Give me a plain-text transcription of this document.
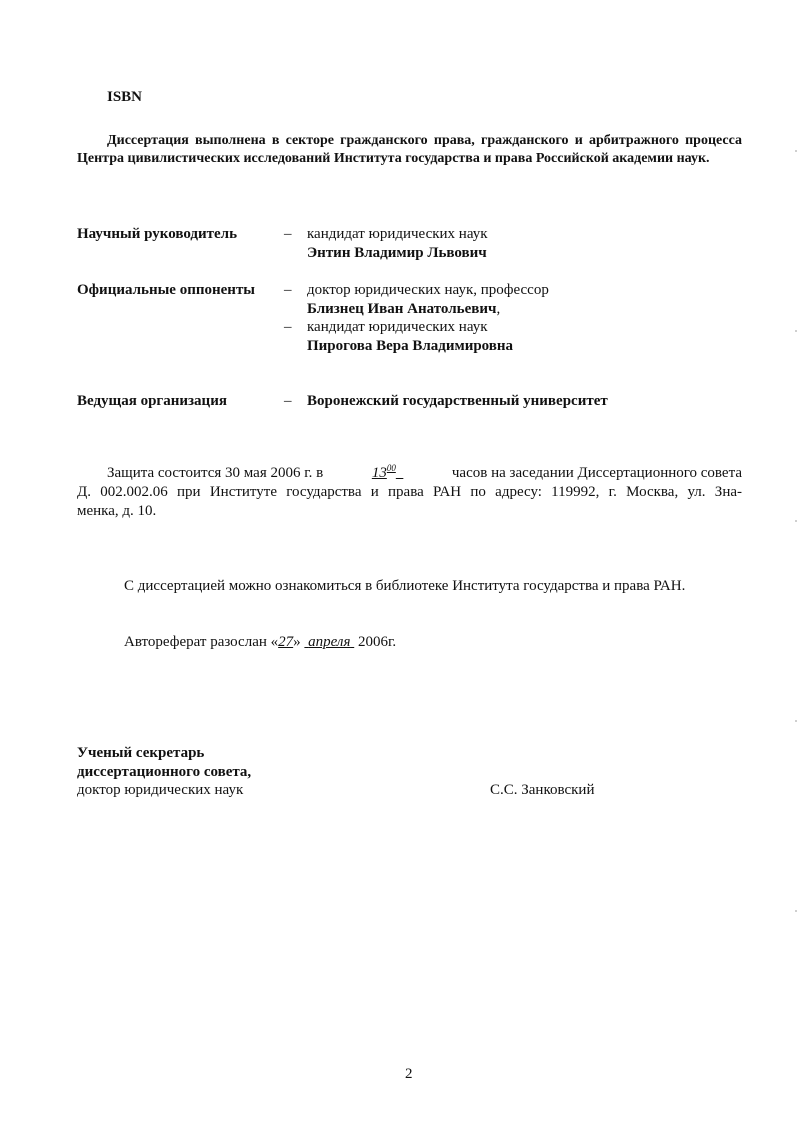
ISBN
Диссертация выполнена в секторе гражданского права, гражданского и арбитражного процесса Центра цивилистических исследований Института государства и права Российской академии наук.
Научный руководитель	– кандидат юридических наук
Энтин Владимир Львович
Официальные оппоненты – доктор юридических наук, профессор
Близнец Иван Анатольевич,
– кандидат юридических наук
Пирогова Вера Владимировна
Ведущая организация	– Воронежский государственный университет
Защита состоится 30 мая 2006 г. в	$13^{00}$	часов на заседании Диссертационного совета
Д. 002.002.06 при Институте государства и права РАН по адресу: 119992, г. Москва, ул. Зна-
менка, д. 10.
С диссертацией можно ознакомиться в библиотеке Института государства и права РАН.
Автореферат разослан «27» апреля 2006г.
Ученый секретарь
диссертационного совета,
доктор юридических наук	С.С. Занковский
2
